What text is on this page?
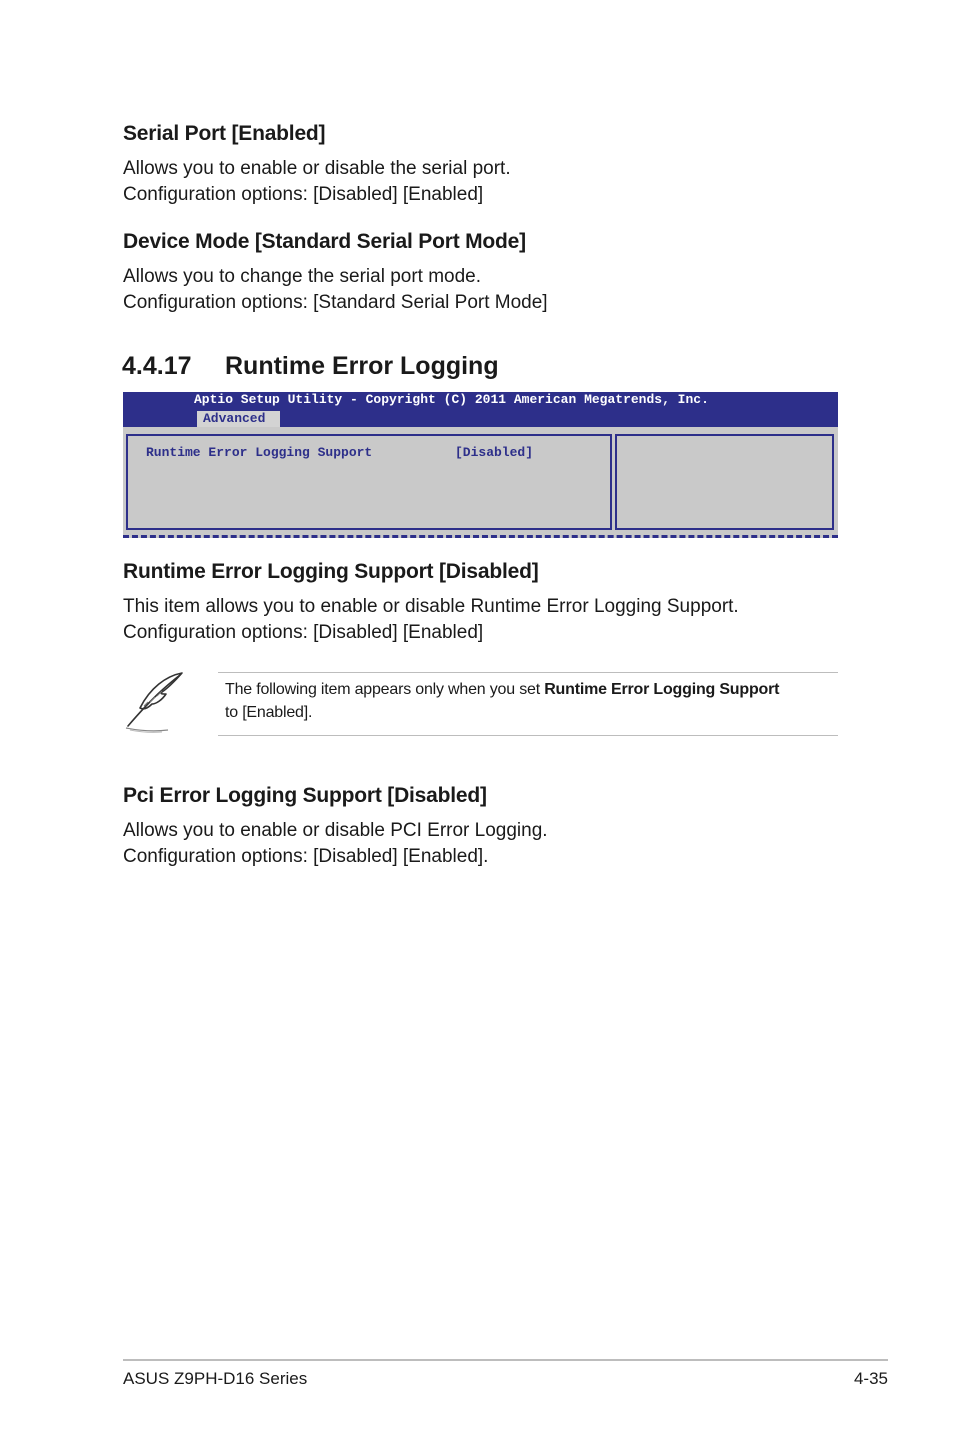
Serial Port [Enabled]

Allows you to enable or disable the serial port.
Configuration options: [Disabled] [Enabled]

Device Mode [Standard Serial Port Mode]

Allows you to change the serial port mode.
Configuration options: [Standard Serial Port Mode]

4.4.17 Runtime Error Logging
Aptio Setup Utility - Copyright (C) 2011 American Megatrends, Inc.
Advanced
Runtime Error Logging Support	[Disabled]
Runtime Error Logging Support [Disabled]

This item allows you to enable or disable Runtime Error Logging Support.
Configuration options: [Disabled] [Enabled]

The following item appears only when you set Runtime Error Logging Support
to [Enabled].

Pci Error Logging Support [Disabled]

Allows you to enable or disable PCI Error Logging.
Configuration options: [Disabled] [Enabled].

ASUS Z9PH-D16 Series	4-35
